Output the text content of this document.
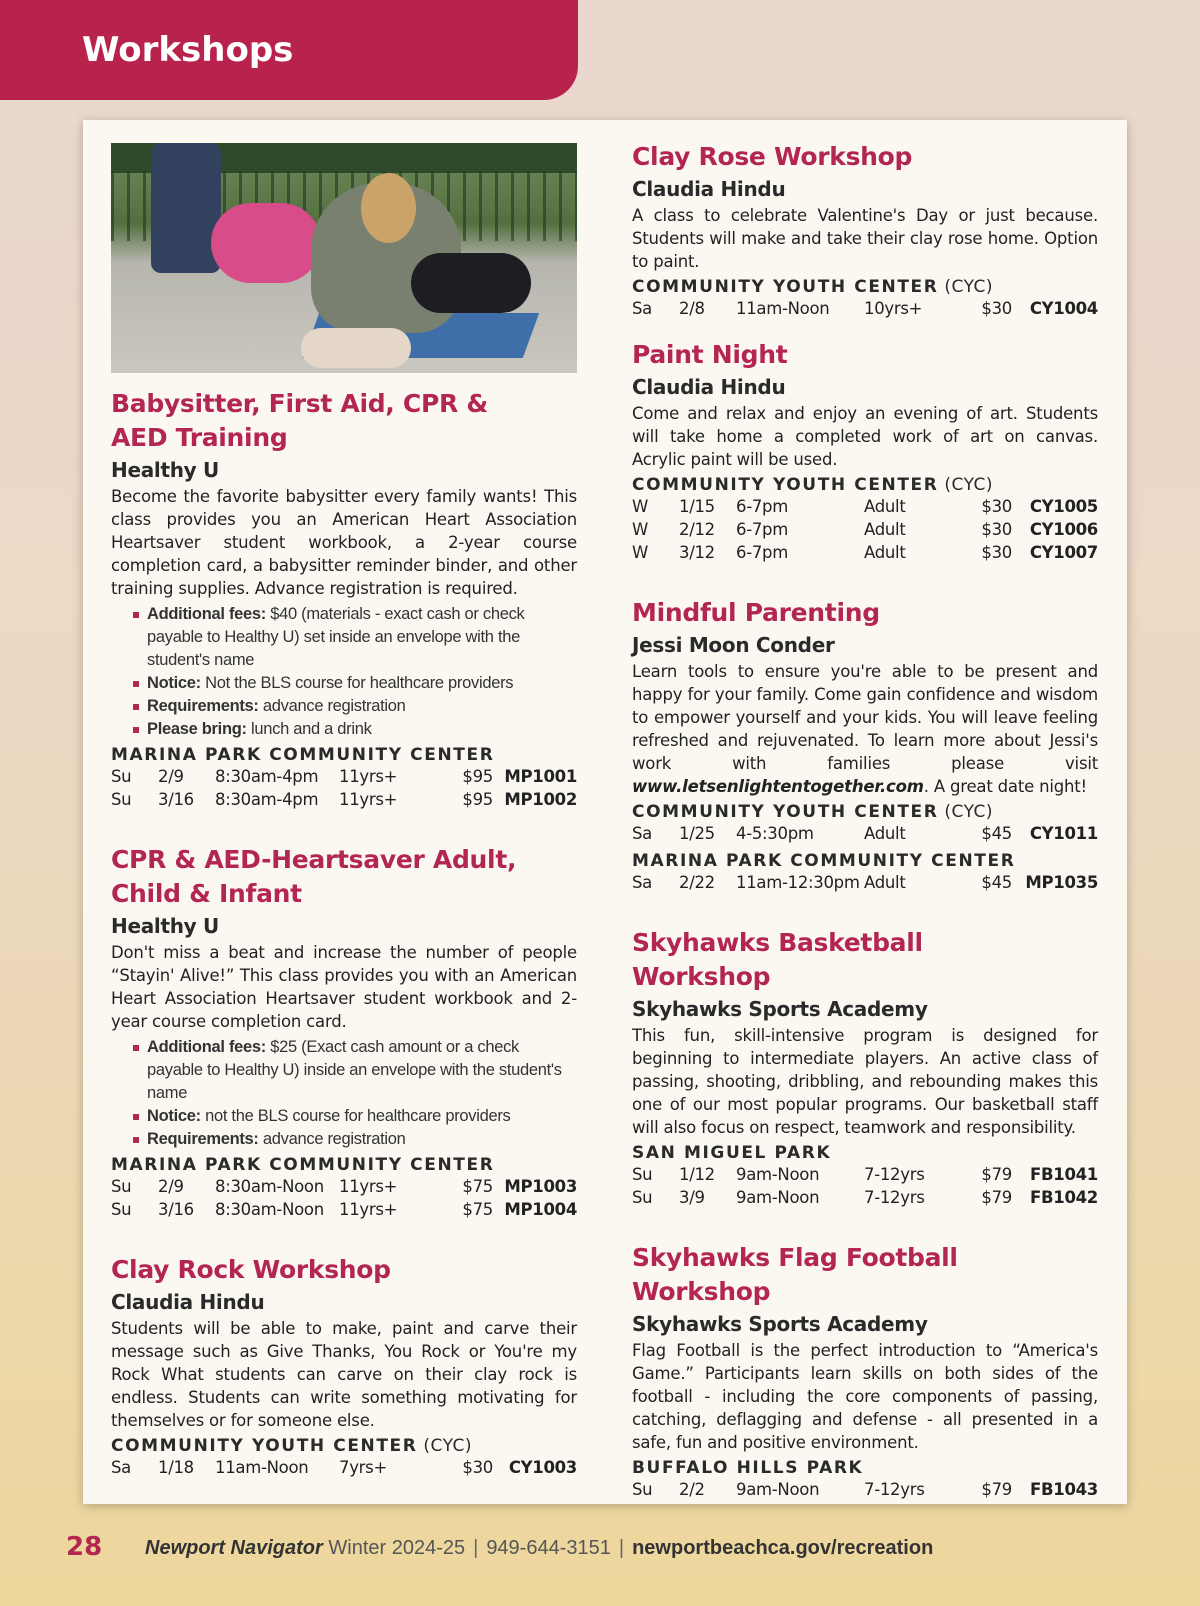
Workshops
Babysitter, First Aid, CPR &
AED Training
Healthy U

Become the favorite babysitter every family wants! This class provides you an American Heart Association Heartsaver student workbook, a 2-year course completion card, a babysitter reminder binder, and other training supplies. Advance registration is required.

Additional fees: $40 (materials - exact cash or check payable to Healthy U) set inside an envelope with the student's name
Notice: Not the BLS course for healthcare providers
Requirements: advance registration
Please bring: lunch and a drink
MARINA PARK COMMUNITY CENTER
Su 2/9 8:30am-4pm 11yrs+	$95 MP1001
Su 3/16 8:30am-4pm 11yrs+	$95 MP1002
CPR & AED-Heartsaver Adult,
Child & Infant
Healthy U

Don't miss a beat and increase the number of people “Stayin' Alive!” This class provides you with an American Heart Association Heartsaver student workbook and 2-year course completion card.

Additional fees: $25 (Exact cash amount or a check payable to Healthy U) inside an envelope with the student's name
Notice: not the BLS course for healthcare providers
Requirements: advance registration
MARINA PARK COMMUNITY CENTER
Su 2/9 8:30am-Noon 11yrs+	$75 MP1003
Su 3/16 8:30am-Noon 11yrs+	$75 MP1004
Clay Rock Workshop
Claudia Hindu

Students will be able to make, paint and carve their message such as Give Thanks, You Rock or You're my Rock What students can carve on their clay rock is endless. Students can write something motivating for themselves or for someone else.

COMMUNITY YOUTH CENTER (CYC)
Sa 1/18 11am-Noon 7yrs+	$30 CY1003
Clay Rose Workshop
Claudia Hindu

A class to celebrate Valentine's Day or just because. Students will make and take their clay rose home. Option to paint.

COMMUNITY YOUTH CENTER (CYC)
Sa 2/8 11am-Noon 10yrs+	$30 CY1004
Paint Night
Claudia Hindu

Come and relax and enjoy an evening of art. Students will take home a completed work of art on canvas. Acrylic paint will be used.

COMMUNITY YOUTH CENTER (CYC)
W 1/15 6-7pm	Adult	$30 CY1005
W 2/12 6-7pm	Adult	$30 CY1006
W 3/12 6-7pm	Adult	$30 CY1007
Mindful Parenting
Jessi Moon Conder

Learn tools to ensure you're able to be present and happy for your family. Come gain confidence and wisdom to empower yourself and your kids. You will leave feeling refreshed and rejuvenated. To learn more about Jessi's work with families please visit www.letsenlightentogether.com. A great date night!

COMMUNITY YOUTH CENTER (CYC)
Sa 1/25 4-5:30pm	Adult	$45 CY1011
MARINA PARK COMMUNITY CENTER
Sa 2/22 11am-12:30pm Adult	$45 MP1035
Skyhawks Basketball
Workshop
Skyhawks Sports Academy

This fun, skill-intensive program is designed for beginning to intermediate players. An active class of passing, shooting, dribbling, and rebounding makes this one of our most popular programs. Our basketball staff will also focus on respect, teamwork and responsibility.

SAN MIGUEL PARK
Su 1/12 9am-Noon	7-12yrs	$79 FB1041
Su 3/9 9am-Noon	7-12yrs	$79 FB1042
Skyhawks Flag Football
Workshop
Skyhawks Sports Academy

Flag Football is the perfect introduction to “America's Game.” Participants learn skills on both sides of the football - including the core components of passing, catching, deflagging and defense - all presented in a safe, fun and positive environment.

BUFFALO HILLS PARK
Su 2/2 9am-Noon	7-12yrs	$79 FB1043
28 Newport Navigator Winter 2024-25 | 949-644-3151 | newportbeachca.gov/recreation
